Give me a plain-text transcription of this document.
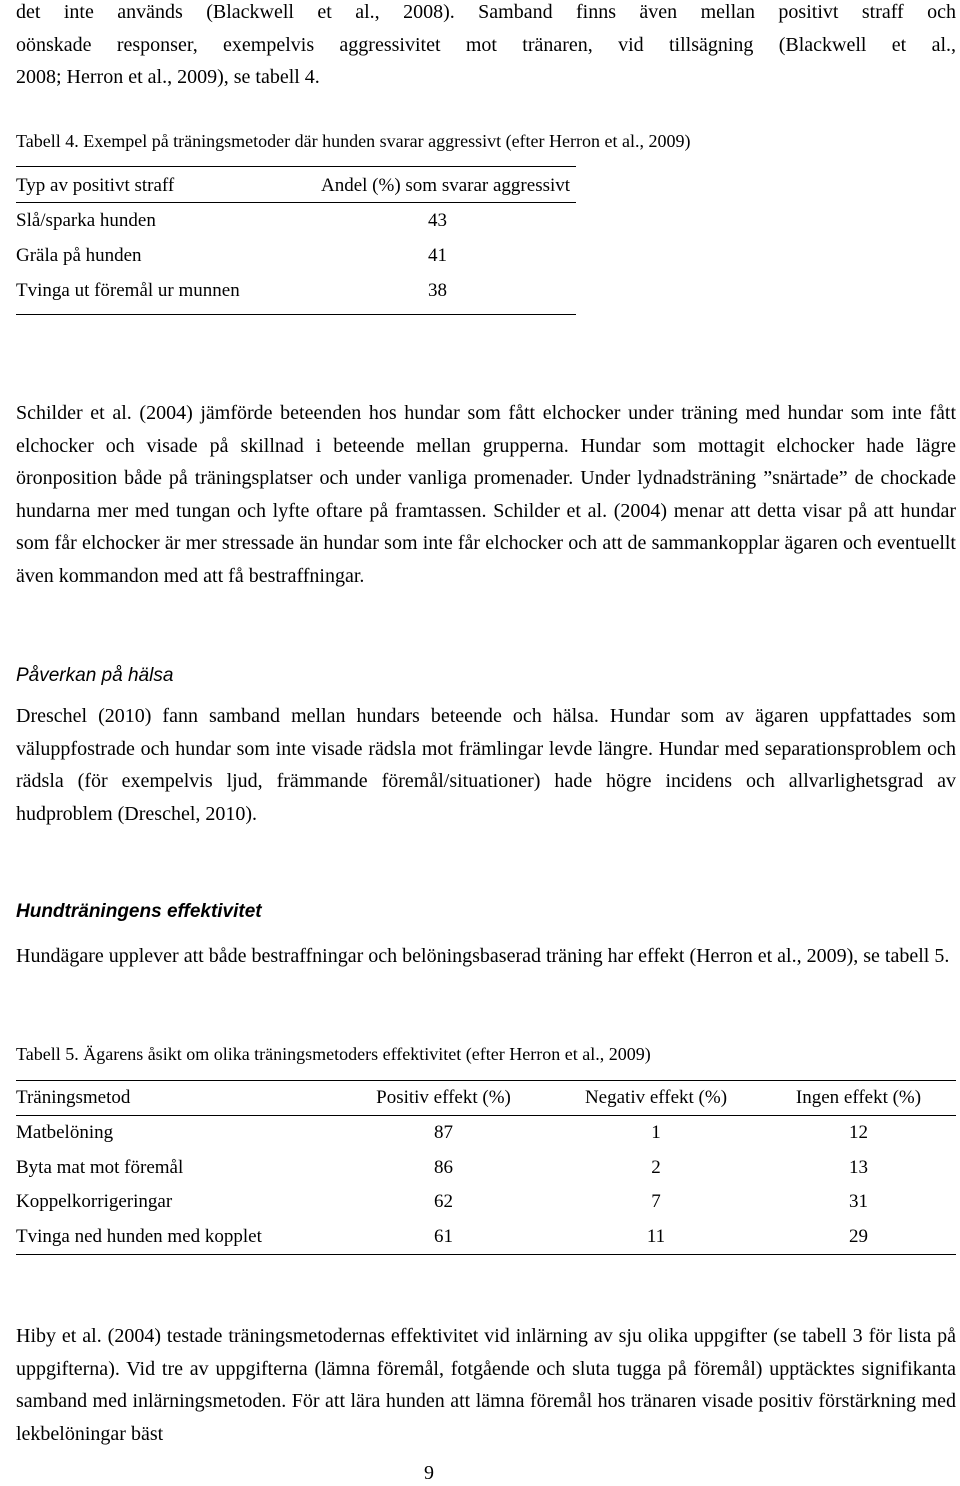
det inte används (Blackwell et al., 2008). Samband finns även mellan positivt straff och

oönskade responser, exempelvis aggressivitet mot tränaren, vid tillsägning (Blackwell et al.,

2008; Herron et al., 2009), se tabell 4.

Tabell 4. Exempel på träningsmetoder där hunden svarar aggressivt (efter Herron et al., 2009)

Typ av positivt straff	Andel (%) som svarar aggressivt
Slå/sparka hunden	43
Gräla på hunden	41
Tvinga ut föremål ur munnen	38

Schilder et al. (2004) jämförde beteenden hos hundar som fått elchocker under träning med hundar som inte fått elchocker och visade på skillnad i beteende mellan grupperna. Hundar som mottagit elchocker hade lägre öronposition både på träningsplatser och under vanliga promenader. Under lydnadsträning ”snärtade” de chockade hundarna mer med tungan och lyfte oftare på framtassen. Schilder et al. (2004) menar att detta visar på att hundar som får elchocker är mer stressade än hundar som inte får elchocker och att de sammankopplar ägaren och eventuellt även kommandon med att få bestraffningar.

Påverkan på hälsa

Dreschel (2010) fann samband mellan hundars beteende och hälsa. Hundar som av ägaren uppfattades som väluppfostrade och hundar som inte visade rädsla mot främlingar levde längre. Hundar med separationsproblem och rädsla (för exempelvis ljud, främmande föremål/situationer) hade högre incidens och allvarlighetsgrad av hudproblem (Dreschel, 2010).

Hundträningens effektivitet

Hundägare upplever att både bestraffningar och belöningsbaserad träning har effekt (Herron et al., 2009), se tabell 5.

Tabell 5. Ägarens åsikt om olika träningsmetoders effektivitet (efter Herron et al., 2009)

Träningsmetod	Positiv effekt (%)	Negativ effekt (%)	Ingen effekt (%)
Matbelöning	87	1	12
Byta mat mot föremål	86	2	13
Koppelkorrigeringar	62	7	31
Tvinga ned hunden med kopplet	61	11	29

Hiby et al. (2004) testade träningsmetodernas effektivitet vid inlärning av sju olika uppgifter (se tabell 3 för lista på uppgifterna). Vid tre av uppgifterna (lämna föremål, fotgående och sluta tugga på föremål) upptäcktes signifikanta samband med inlärningsmetoden. För att lära hunden att lämna föremål hos tränaren visade positiv förstärkning med lekbelöningar bäst

9
